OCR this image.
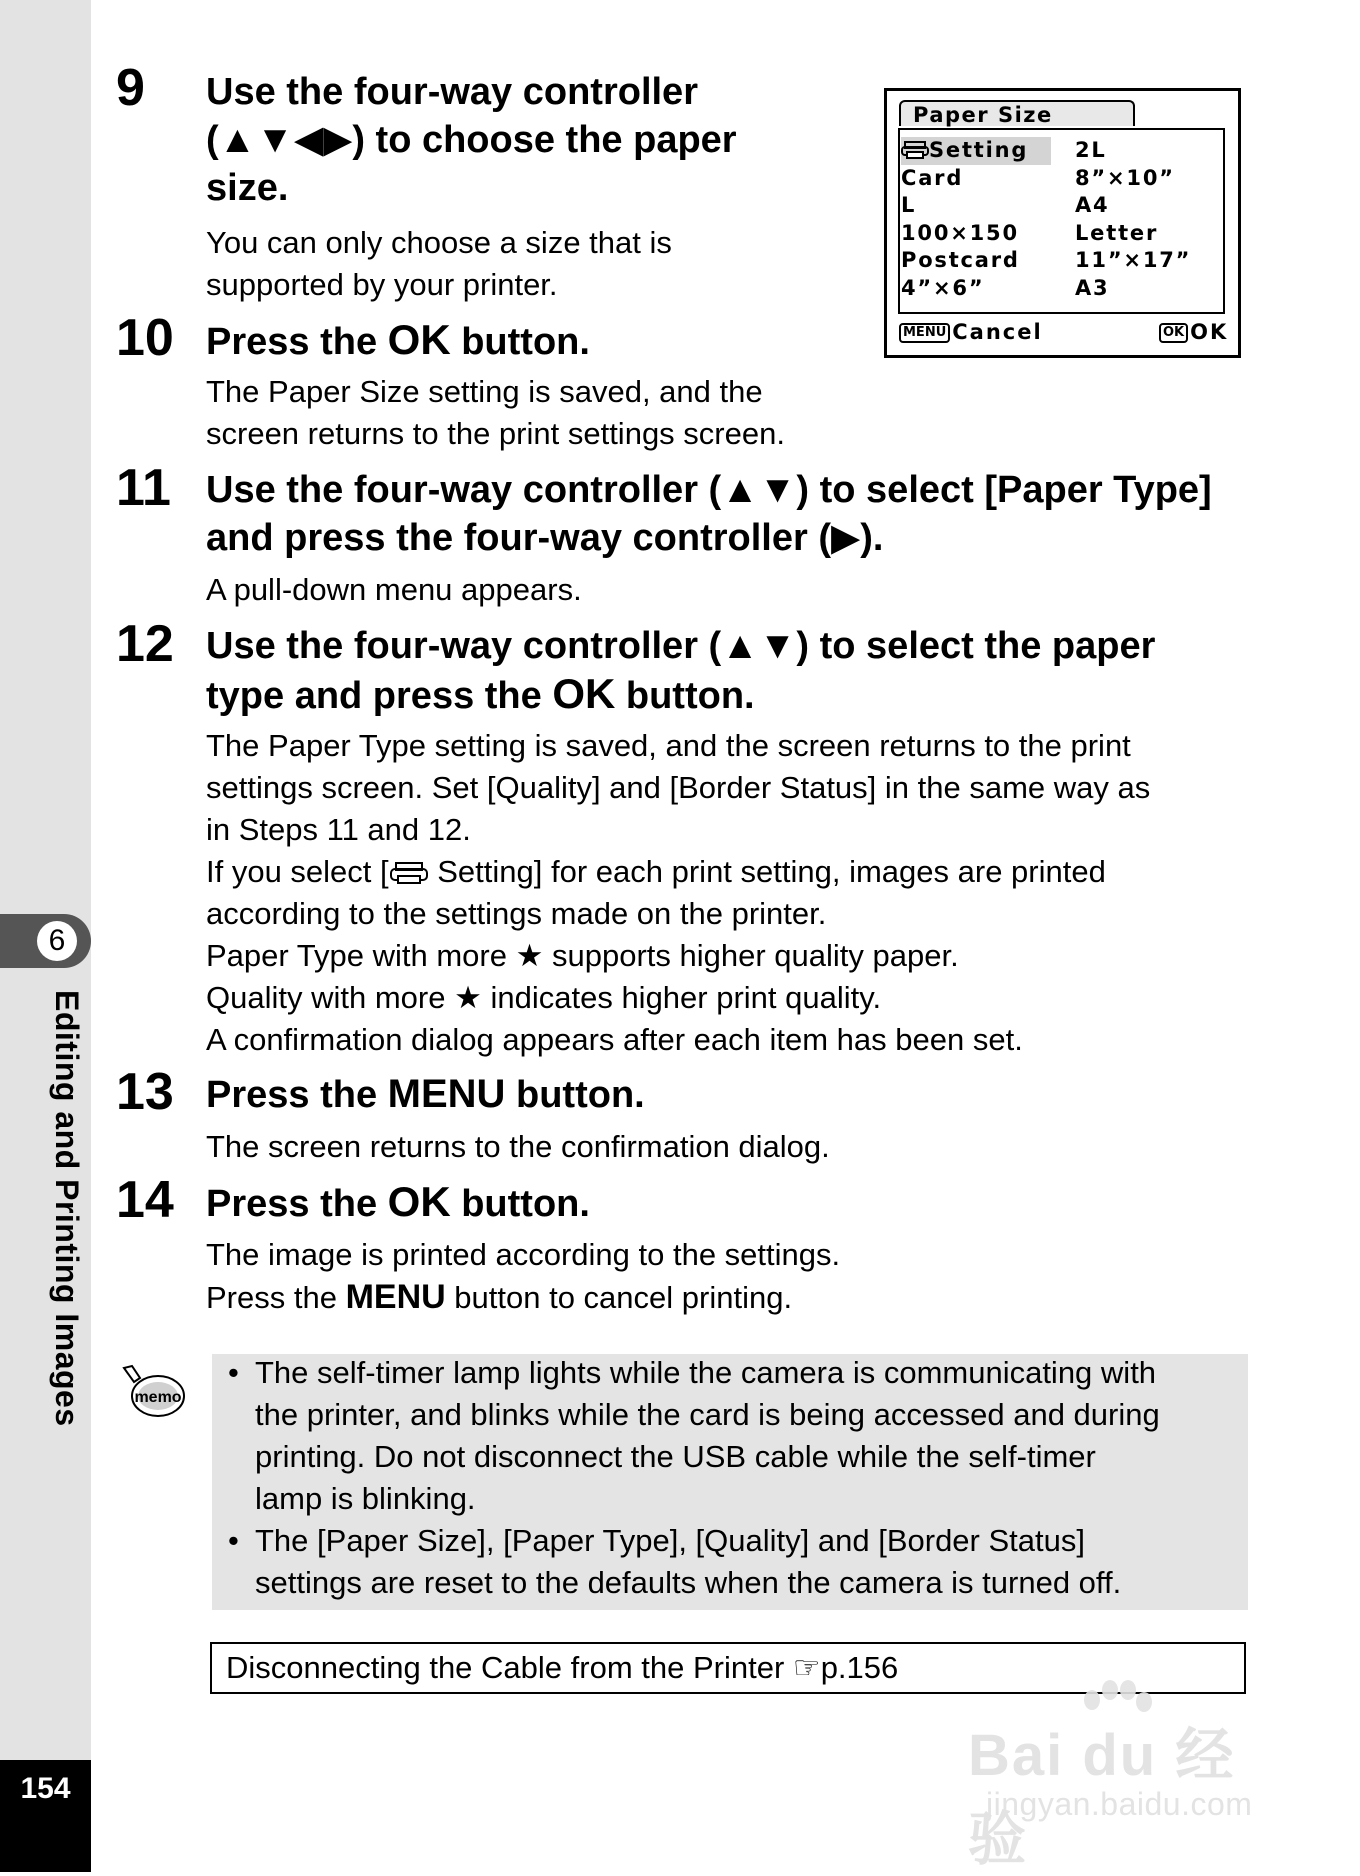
6
Editing and Printing Images
154
9 Use the four-way controller
(▲▼◀▶) to choose the paper
size.
You can only choose a size that is
supported by your printer.
Paper Size
Setting
Card
L
100×150
Postcard
4”×6”
2L
8”×10”
A4
Letter
11”×17”
A3
MENU Cancel	OK OK
10 Press the OK button.
The Paper Size setting is saved, and the
screen returns to the print settings screen.
11 Use the four-way controller (▲▼) to select [Paper Type]
and press the four-way controller (▶).
A pull-down menu appears.
12 Use the four-way controller (▲▼) to select the paper
type and press the OK button.
The Paper Type setting is saved, and the screen returns to the print
settings screen. Set [Quality] and [Border Status] in the same way as
in Steps 11 and 12.
If you select [ Setting] for each print setting, images are printed
according to the settings made on the printer.
Paper Type with more ★ supports higher quality paper.
Quality with more ★ indicates higher print quality.
A confirmation dialog appears after each item has been set.
13 Press the MENU button.
The screen returns to the confirmation dialog.
14 Press the OK button.
The image is printed according to the settings.
Press the MENU button to cancel printing.
memo
• The self-timer lamp lights while the camera is communicating with
the printer, and blinks while the card is being accessed and during
printing. Do not disconnect the USB cable while the self-timer
lamp is blinking.
• The [Paper Size], [Paper Type], [Quality] and [Border Status]
settings are reset to the defaults when the camera is turned off.
Disconnecting the Cable from the Printer ☞p.156
Bai du 经验
jingyan.baidu.com
